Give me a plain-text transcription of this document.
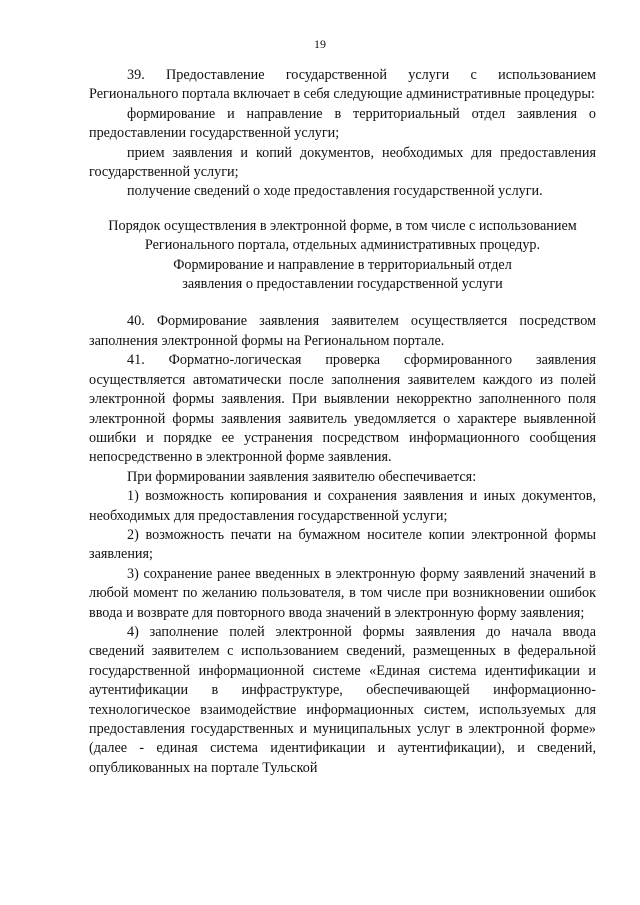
19

39. Предоставление государственной услуги с использованием Регионального портала включает в себя следующие административные процедуры:

формирование и направление в территориальный отдел заявления о предоставлении государственной услуги;

прием заявления и копий документов, необходимых для предоставления государственной услуги;

получение сведений о ходе предоставления государственной услуги.

Порядок осуществления в электронной форме, в том числе с использованием

Регионального портала, отдельных административных процедур.

Формирование и направление в территориальный отдел

заявления о предоставлении государственной услуги

40. Формирование заявления заявителем осуществляется посредством заполнения электронной формы на Региональном портале.

41. Форматно-логическая проверка сформированного заявления осуществляется автоматически после заполнения заявителем каждого из полей электронной формы заявления. При выявлении некорректно заполненного поля электронной формы заявления заявитель уведомляется о характере выявленной ошибки и порядке ее устранения посредством информационного сообщения непосредственно в электронной форме заявления.

При формировании заявления заявителю обеспечивается:

1) возможность копирования и сохранения заявления и иных документов, необходимых для предоставления государственной услуги;

2) возможность печати на бумажном носителе копии электронной формы заявления;

3) сохранение ранее введенных в электронную форму заявлений значений в любой момент по желанию пользователя, в том числе при возникновении ошибок ввода и возврате для повторного ввода значений в электронную форму заявления;

4) заполнение полей электронной формы заявления до начала ввода сведений заявителем с использованием сведений, размещенных в федеральной государственной информационной системе «Единая система идентификации и аутентификации в инфраструктуре, обеспечивающей информационно-технологическое взаимодействие информационных систем, используемых для предоставления государственных и муниципальных услуг в электронной форме» (далее - единая система идентификации и аутентификации), и сведений, опубликованных на портале Тульской
